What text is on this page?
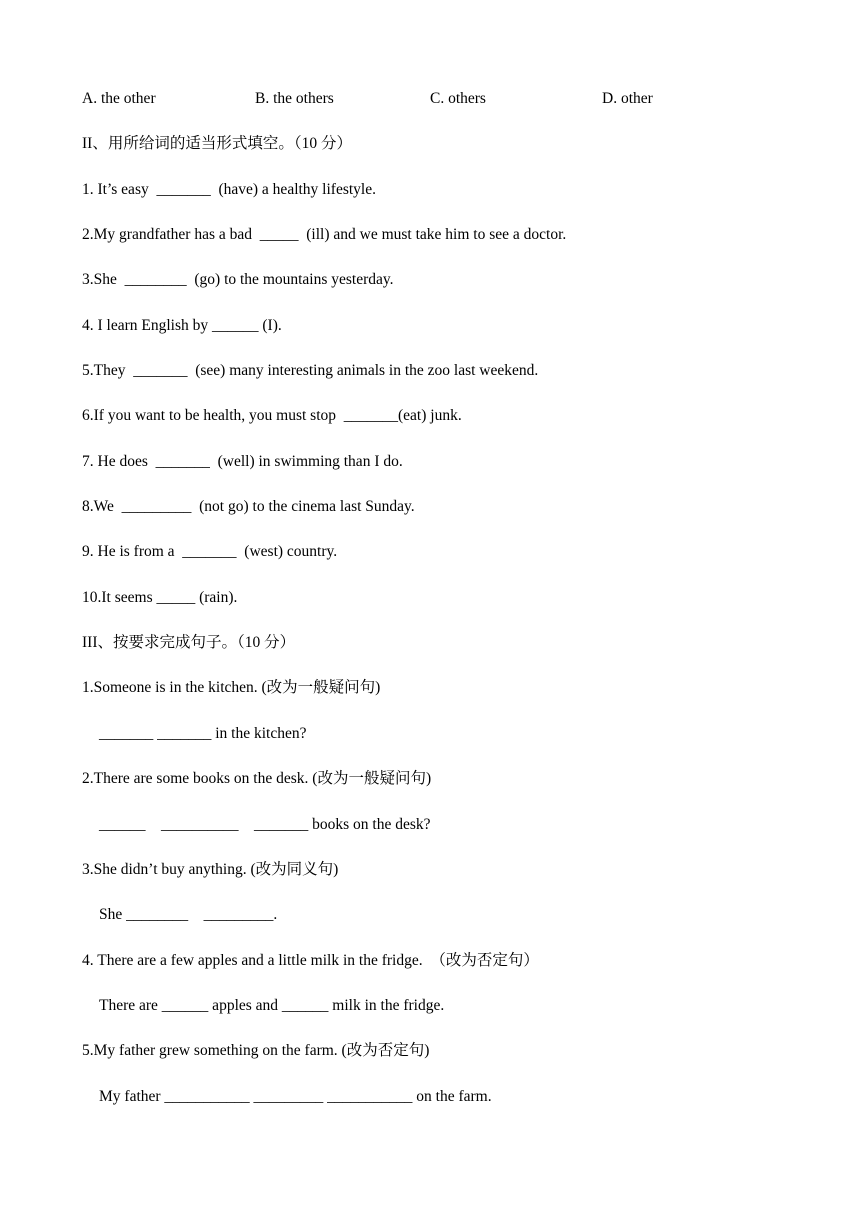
A. the other	B. the others	C. others	D. other
II、用所给词的适当形式填空。（10 分）
1. It’s easy  _______  (have) a healthy lifestyle.
2.My grandfather has a bad  _____  (ill) and we must take him to see a doctor.
3.She  ________  (go) to the mountains yesterday.
4. I learn English by ______ (I).
5.They  _______  (see) many interesting animals in the zoo last weekend.
6.If you want to be health, you must stop  _______(eat) junk.
7. He does  _______  (well) in swimming than I do.
8.We  _________  (not go) to the cinema last Sunday.
9. He is from a  _______  (west) country.
10.It seems _____ (rain).
III、按要求完成句子。（10 分）
1.Someone is in the kitchen. (改为一般疑问句)
_______ _______ in the kitchen?
2.There are some books on the desk. (改为一般疑问句)
______    __________    _______ books on the desk?
3.She didn’t buy anything. (改为同义句)
She ________    _________.
4. There are a few apples and a little milk in the fridge.  （改为否定句）
There are ______ apples and ______ milk in the fridge.
5.My father grew something on the farm. (改为否定句)
My father ___________ _________ ___________ on the farm.
